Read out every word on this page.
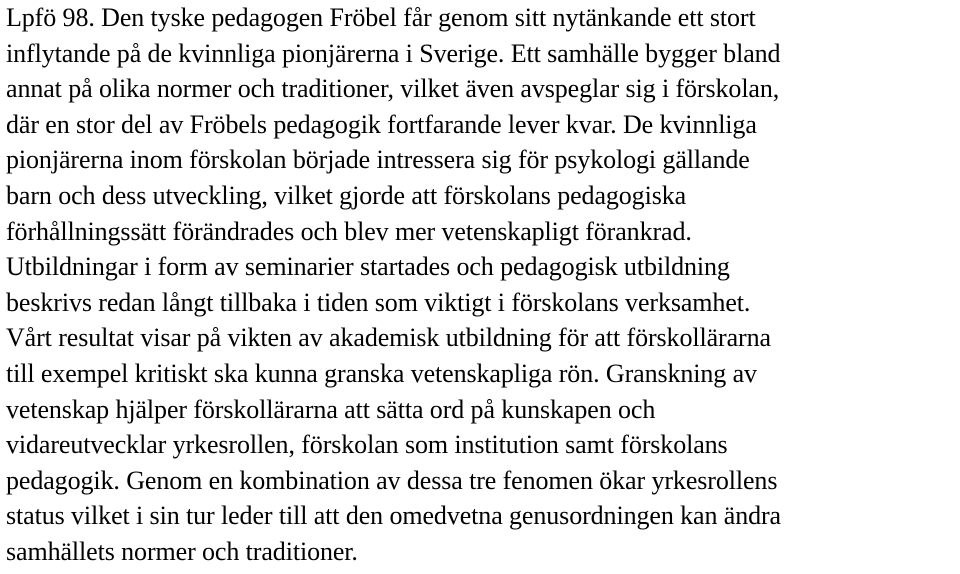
Lpfö 98. Den tyske pedagogen Fröbel får genom sitt nytänkande ett stort
inflytande på de kvinnliga pionjärerna i Sverige. Ett samhälle bygger bland
annat på olika normer och traditioner, vilket även avspeglar sig i förskolan,
där en stor del av Fröbels pedagogik fortfarande lever kvar. De kvinnliga
pionjärerna inom förskolan började intressera sig för psykologi gällande
barn och dess utveckling, vilket gjorde att förskolans pedagogiska
förhållningssätt förändrades och blev mer vetenskapligt förankrad.
Utbildningar i form av seminarier startades och pedagogisk utbildning
beskrivs redan långt tillbaka i tiden som viktigt i förskolans verksamhet.
Vårt resultat visar på vikten av akademisk utbildning för att förskollärarna
till exempel kritiskt ska kunna granska vetenskapliga rön. Granskning av
vetenskap hjälper förskollärarna att sätta ord på kunskapen och
vidareutvecklar yrkesrollen, förskolan som institution samt förskolans
pedagogik. Genom en kombination av dessa tre fenomen ökar yrkesrollens
status vilket i sin tur leder till att den omedvetna genusordningen kan ändra
samhällets normer och traditioner.
